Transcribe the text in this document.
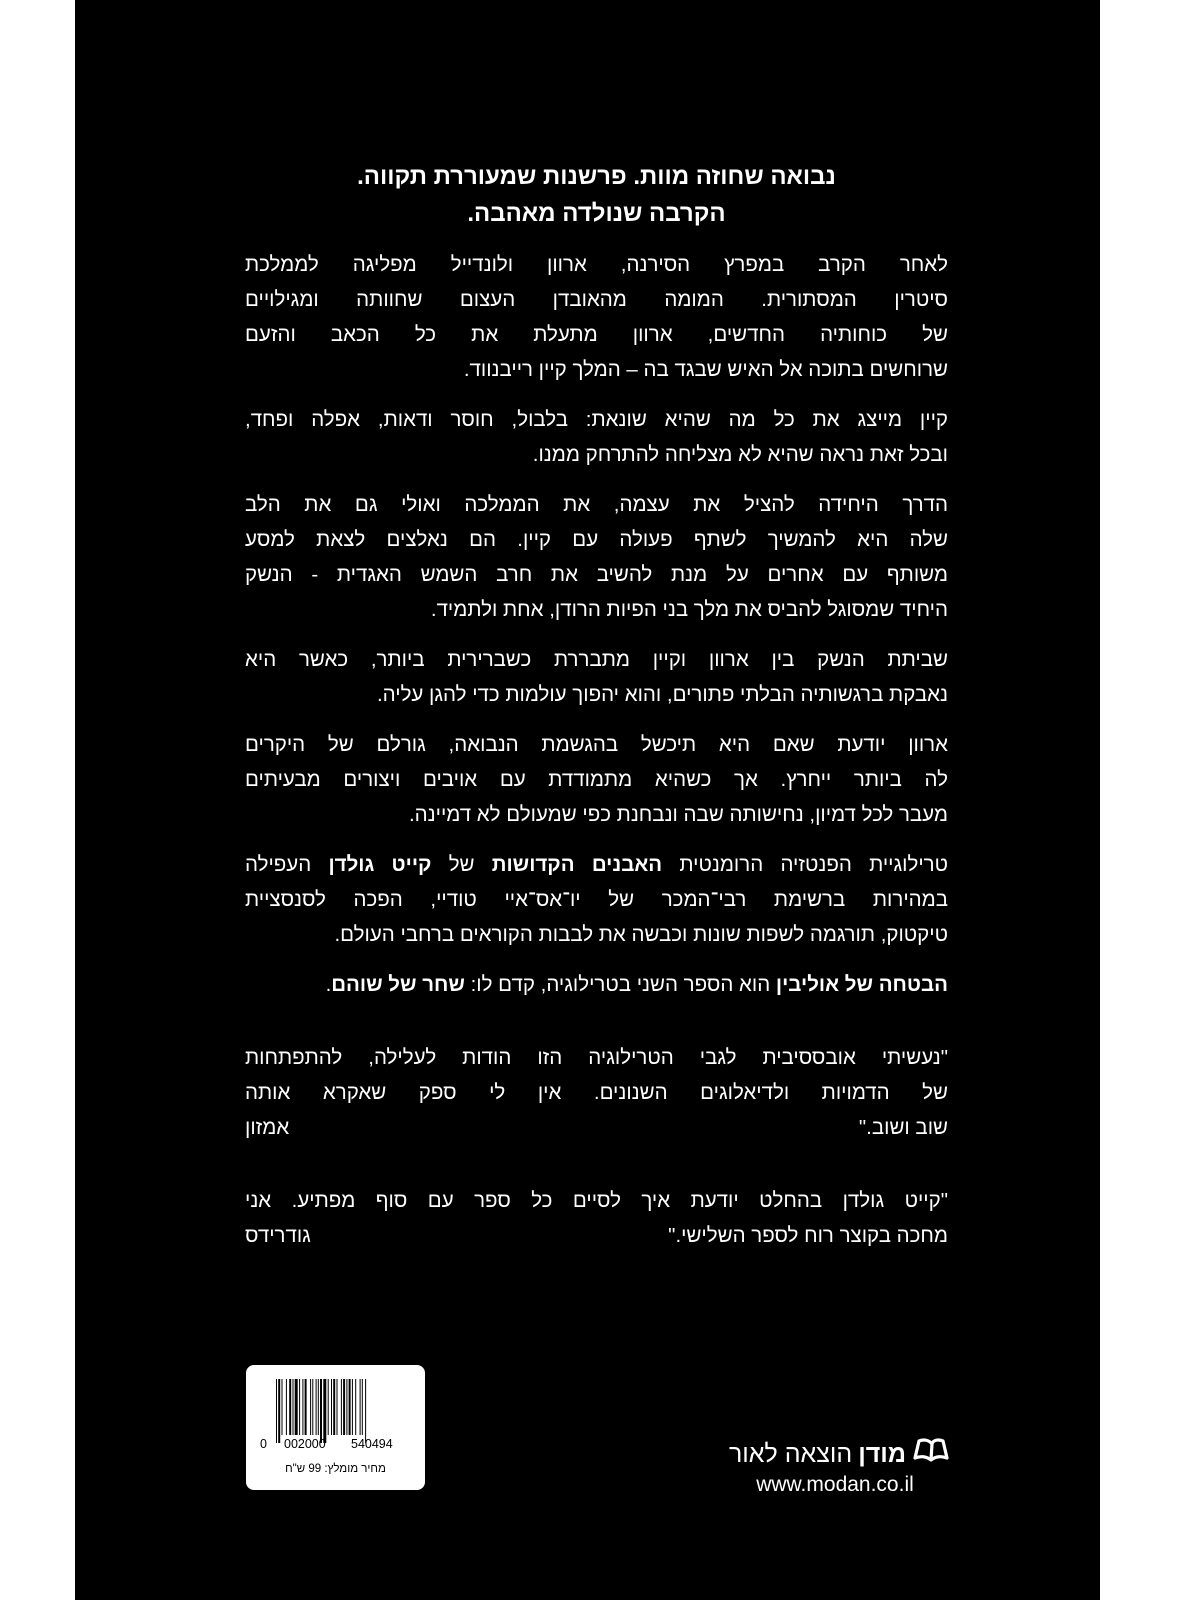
נבואה שחוזה מוות. פרשנות שמעוררת תקווה.
הקרבה שנולדה מאהבה.
לאחר הקרב במפרץ הסירנה, ארוון ולונדייל מפליגה לממלכת
סיטרין המסתורית. המומה מהאובדן העצום שחוותה ומגילויים
של כוחותיה החדשים, ארוון מתעלת את כל הכאב והזעם
שרוחשים בתוכה אל האיש שבגד בה – המלך קיין רייבנווד.
קיין מייצג את כל מה שהיא שונאת: בלבול, חוסר ודאות, אפלה ופחד,
ובכל זאת נראה שהיא לא מצליחה להתרחק ממנו.
הדרך היחידה להציל את עצמה, את הממלכה ואולי גם את הלב
שלה היא להמשיך לשתף פעולה עם קיין. הם נאלצים לצאת למסע
משותף עם אחרים על מנת להשיב את חרב השמש האגדית - הנשק
היחיד שמסוגל להביס את מלך בני הפיות הרודן, אחת ולתמיד.
שביתת הנשק בין ארוון וקיין מתבררת כשברירית ביותר, כאשר היא
נאבקת ברגשותיה הבלתי פתורים, והוא יהפוך עולמות כדי להגן עליה.
ארוון יודעת שאם היא תיכשל בהגשמת הנבואה, גורלם של היקרים
לה ביותר ייחרץ. אך כשהיא מתמודדת עם אויבים ויצורים מבעיתים
מעבר לכל דמיון, נחישותה שבה ונבחנת כפי שמעולם לא דמיינה.
טרילוגיית הפנטזיה הרומנטית האבנים הקדושות של קייט גולדן העפילה
במהירות ברשימת רבי־המכר של יו־אס־איי טודיי, הפכה לסנסציית
טיקטוק, תורגמה לשפות שונות וכבשה את לבבות הקוראים ברחבי העולם.
הבטחה של אוליבין הוא הספר השני בטרילוגיה, קדם לו: שחר של שוהם.
"נעשיתי אובססיבית לגבי הטרילוגיה הזו הודות לעלילה, להתפתחות
של הדמויות ולדיאלוגים השנונים. אין לי ספק שאקרא אותה
שוב ושוב."
אמזון
"קייט גולדן בהחלט יודעת איך לסיים כל ספר עם סוף מפתיע. אני
מחכה בקוצר רוח לספר השלישי."
גודרידס
0 002000 540494
מחיר מומלץ: 99 ש"ח
מודן
הוצאה לאור
www.modan.co.il
